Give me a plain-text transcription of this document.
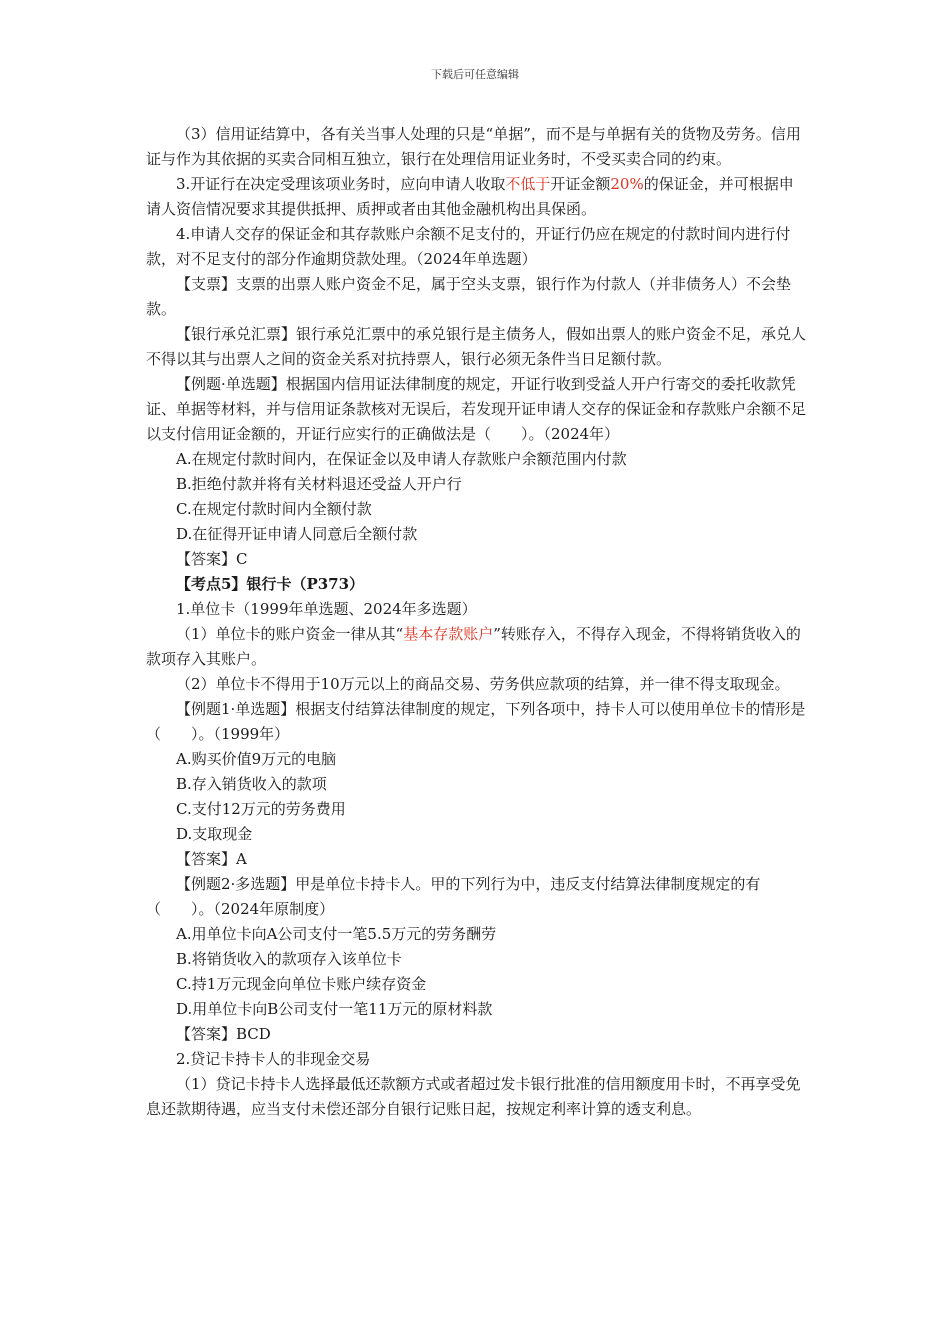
下载后可任意编辑

（3）信用证结算中，各有关当事人处理的只是“单据”，而不是与单据有关的货物及劳务。信用证与作为其依据的买卖合同相互独立，银行在处理信用证业务时，不受买卖合同的约束。

3.开证行在决定受理该项业务时，应向申请人收取不低于开证金额20%的保证金，并可根据申请人资信情况要求其提供抵押、质押或者由其他金融机构出具保函。

4.申请人交存的保证金和其存款账户余额不足支付的，开证行仍应在规定的付款时间内进行付款，对不足支付的部分作逾期贷款处理。（2024年单选题）

【支票】支票的出票人账户资金不足，属于空头支票，银行作为付款人（并非债务人）不会垫款。

【银行承兑汇票】银行承兑汇票中的承兑银行是主债务人，假如出票人的账户资金不足，承兑人不得以其与出票人之间的资金关系对抗持票人，银行必须无条件当日足额付款。

【例题·单选题】根据国内信用证法律制度的规定，开证行收到受益人开户行寄交的委托收款凭证、单据等材料，并与信用证条款核对无误后，若发现开证申请人交存的保证金和存款账户余额不足以支付信用证金额的，开证行应实行的正确做法是（　　）。（2024年）

A.在规定付款时间内，在保证金以及申请人存款账户余额范围内付款

B.拒绝付款并将有关材料退还受益人开户行

C.在规定付款时间内全额付款

D.在征得开证申请人同意后全额付款

【答案】C

【考点5】银行卡（P373）

1.单位卡（1999年单选题、2024年多选题）

（1）单位卡的账户资金一律从其“基本存款账户”转账存入，不得存入现金，不得将销货收入的款项存入其账户。

（2）单位卡不得用于10万元以上的商品交易、劳务供应款项的结算，并一律不得支取现金。

【例题1·单选题】根据支付结算法律制度的规定，下列各项中，持卡人可以使用单位卡的情形是（　　）。（1999年）

A.购买价值9万元的电脑

B.存入销货收入的款项

C.支付12万元的劳务费用

D.支取现金

【答案】A

【例题2·多选题】甲是单位卡持卡人。甲的下列行为中，违反支付结算法律制度规定的有（　　）。（2024年原制度）

A.用单位卡向A公司支付一笔5.5万元的劳务酬劳

B.将销货收入的款项存入该单位卡

C.持1万元现金向单位卡账户续存资金

D.用单位卡向B公司支付一笔11万元的原材料款

【答案】BCD

2.贷记卡持卡人的非现金交易

（1）贷记卡持卡人选择最低还款额方式或者超过发卡银行批准的信用额度用卡时，不再享受免息还款期待遇，应当支付未偿还部分自银行记账日起，按规定利率计算的透支利息。
